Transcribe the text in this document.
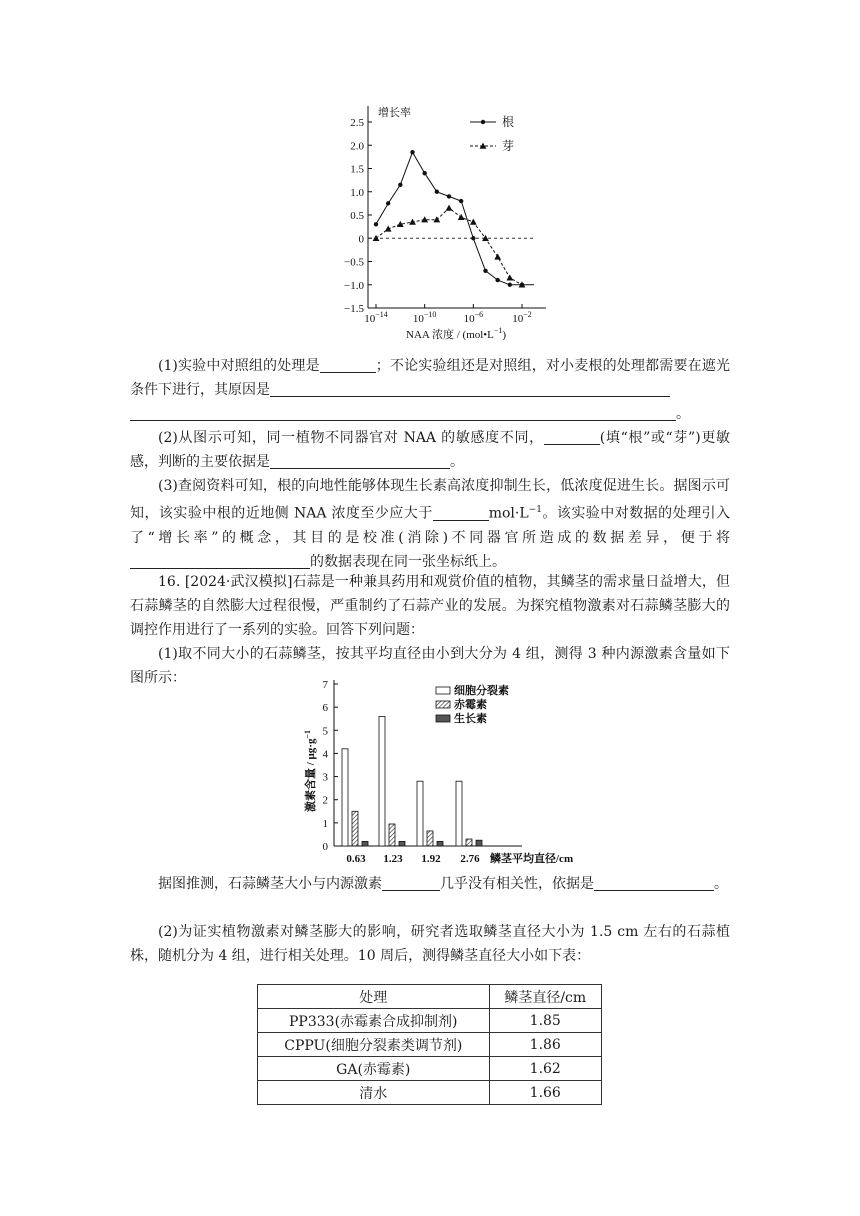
增长率
2.5
2.0
1.5
1.0
0.5
0
−0.5
−1.0
−1.5
$10^{-14}$ $10^{-10}$ $10^{-6}$	$10^{-2}$
NAA 浓度 / $(mol•L^{-1})$
根
芽
(1)实验中对照组的处理是	；不论实验组还是对照组，对小麦根的处理都需要在遮光条件下进行，其原因是
。
(2)从图示可知，同一植物不同器官对 NAA 的敏感度不同，	(填“根”或“芽”)更敏感，判断的主要依据是	。
(3)查阅资料可知，根的向地性能够体现生长素高浓度抑制生长，低浓度促进生长。据图示可知，该实验中根的近地侧 NAA 浓度至少应大于	$mol\cdot L^{-1}$。该实验中对数据的处理引入了“增长率”的概念，其目的是校准(消除)不同器官所造成的数据差异，便于将的数据表现在同一张坐标纸上。
16. [2024·武汉模拟]石蒜是一种兼具药用和观赏价值的植物，其鳞茎的需求量日益增大，但石蒜鳞茎的自然膨大过程很慢，严重制约了石蒜产业的发展。为探究植物激素对石蒜鳞茎膨大的调控作用进行了一系列的实验。回答下列问题：
(1)取不同大小的石蒜鳞茎，按其平均直径由小到大分为 4 组，测得 3 种内源激素含量如下图所示：
0
1
2
3
4
5
6
7
激素含量 / $\mu g\cdot g^{-1}$
0.63 1.23 1.92 2.76 鳞茎平均直径/cm
细胞分裂素
赤霉素
生长素
据图推测，石蒜鳞茎大小与内源激素	几乎没有相关性，依据是	。
(2)为证实植物激素对鳞茎膨大的影响，研究者选取鳞茎直径大小为 1.5 cm 左右的石蒜植株，随机分为 4 组，进行相关处理。10 周后，测得鳞茎直径大小如下表：
处理	鳞茎直径/cm
PP333(赤霉素合成抑制剂)	1.85
CPPU(细胞分裂素类调节剂)	1.86
GA(赤霉素)	1.62
清水	1.66
